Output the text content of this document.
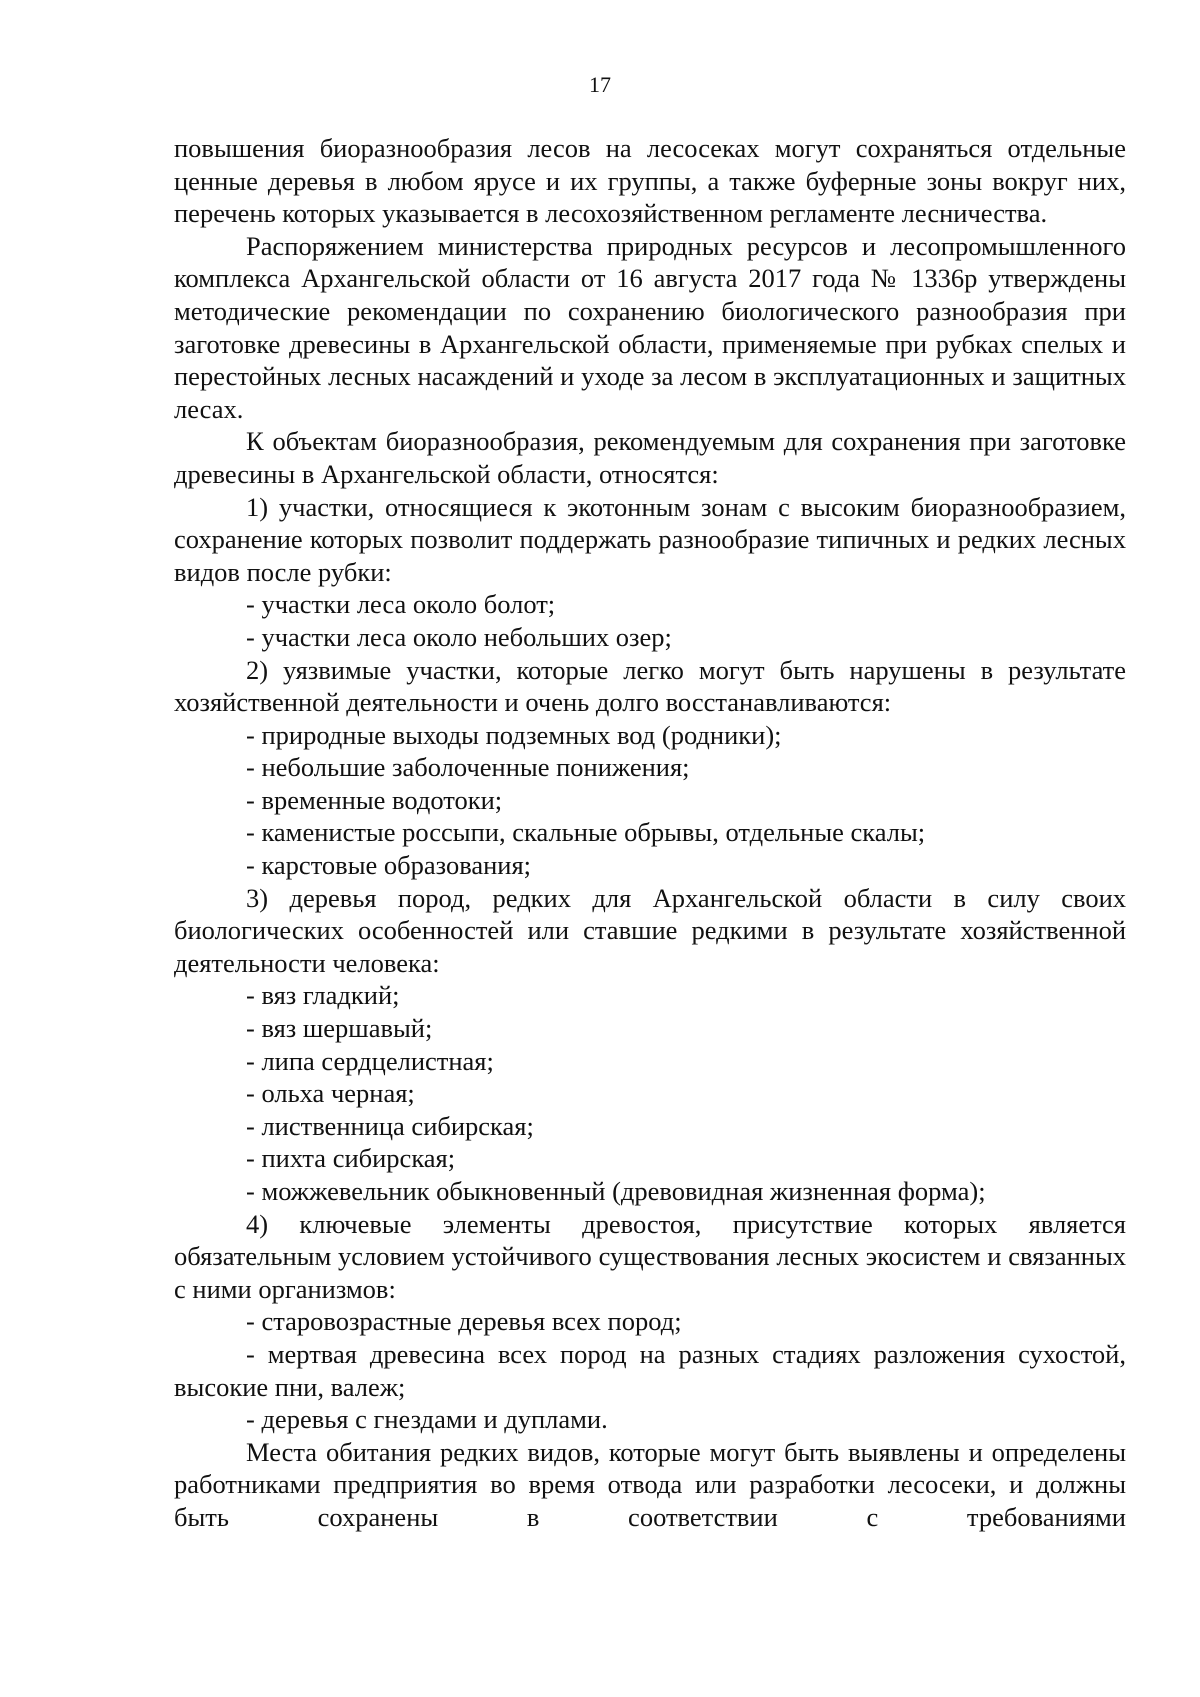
17

повышения биоразнообразия лесов на лесосеках могут сохраняться отдельные ценные деревья в любом ярусе и их группы, а также буферные зоны вокруг них, перечень которых указывается в лесохозяйственном регламенте лесничества.

Распоряжением министерства природных ресурсов и лесопромышленного комплекса Архангельской области от 16 августа 2017 года № 1336р утверждены методические рекомендации по сохранению биологического разнообразия при заготовке древесины в Архангельской области, применяемые при рубках спелых и перестойных лесных насаждений и уходе за лесом в эксплуатационных и защитных лесах.

К объектам биоразнообразия, рекомендуемым для сохранения при заготовке древесины в Архангельской области, относятся:

1) участки, относящиеся к экотонным зонам с высоким биоразнообразием, сохранение которых позволит поддержать разнообразие типичных и редких лесных видов после рубки:

- участки леса около болот;

- участки леса около небольших озер;

2) уязвимые участки, которые легко могут быть нарушены в результате хозяйственной деятельности и очень долго восстанавливаются:

- природные выходы подземных вод (родники);

- небольшие заболоченные понижения;

- временные водотоки;

- каменистые россыпи, скальные обрывы, отдельные скалы;

- карстовые образования;

3) деревья пород, редких для Архангельской области в силу своих биологических особенностей или ставшие редкими в результате хозяйственной деятельности человека:

- вяз гладкий;

- вяз шершавый;

- липа сердцелистная;

- ольха черная;

- лиственница сибирская;

- пихта сибирская;

- можжевельник обыкновенный (древовидная жизненная форма);

4) ключевые элементы древостоя, присутствие которых является обязательным условием устойчивого существования лесных экосистем и связанных с ними организмов:

- старовозрастные деревья всех пород;

- мертвая древесина всех пород на разных стадиях разложения сухостой, высокие пни, валеж;

- деревья с гнездами и дуплами.

Места обитания редких видов, которые могут быть выявлены и определены работниками предприятия во время отвода или разработки лесосеки, и должны быть сохранены в соответствии с требованиями
